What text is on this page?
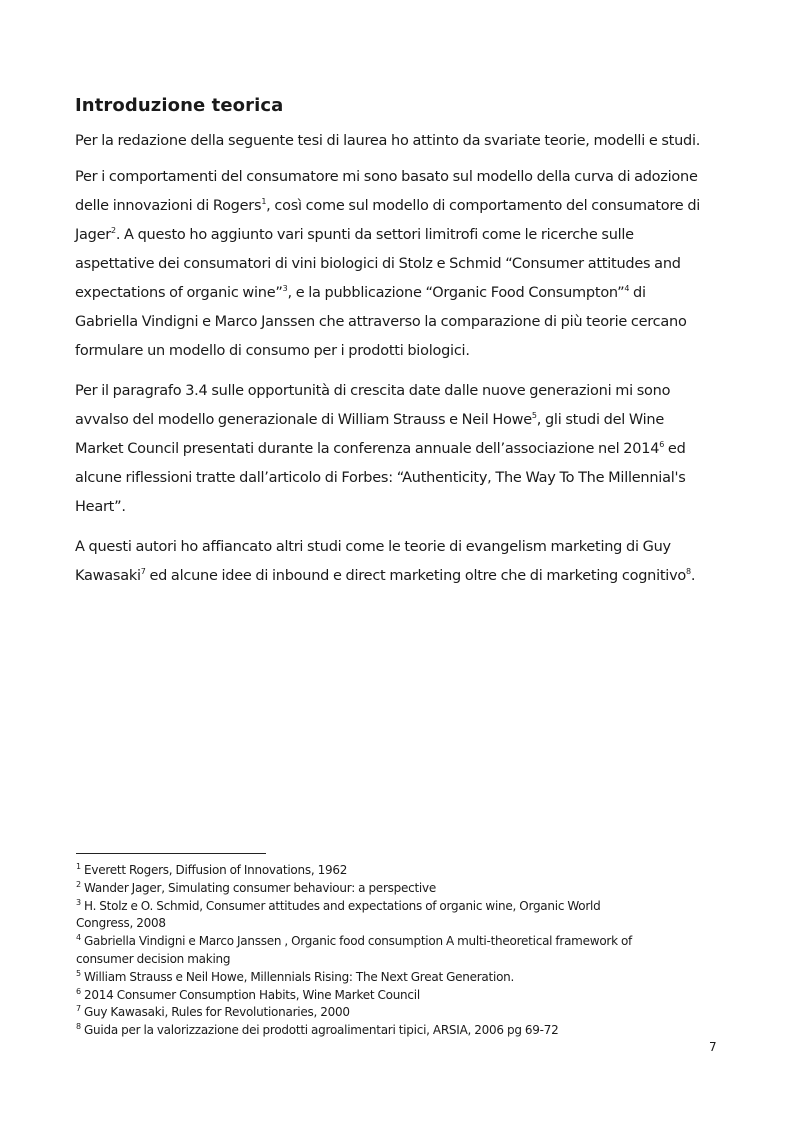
Introduzione teorica

Per la redazione della seguente tesi di laurea ho attinto da svariate teorie, modelli e studi.

Per i comportamenti del consumatore mi sono basato sul modello della curva di adozione
delle innovazioni di Rogers$^1$, così come sul modello di comportamento del consumatore di
Jager$^2$. A questo ho aggiunto vari spunti da settori limitrofi come le ricerche sulle
aspettative dei consumatori di vini biologici di Stolz e Schmid “Consumer attitudes and
expectations of organic wine”$^3$, e la pubblicazione “Organic Food Consumpton”$^4$ di
Gabriella Vindigni e Marco Janssen che attraverso la comparazione di più teorie cercano
formulare un modello di consumo per i prodotti biologici.

Per il paragrafo 3.4 sulle opportunità di crescita date dalle nuove generazioni mi sono
avvalso del modello generazionale di William Strauss e Neil Howe$^5$, gli studi del Wine
Market Council presentati durante la conferenza annuale dell’associazione nel 2014$^6$ ed
alcune riflessioni tratte dall’articolo di Forbes: “Authenticity, The Way To The Millennial's
Heart”.

A questi autori ho affiancato altri studi come le teorie di evangelism marketing di Guy
Kawasaki$^7$ ed alcune idee di inbound e direct marketing oltre che di marketing cognitivo$^8$.

$^1$ Everett Rogers, Diffusion of Innovations, 1962
$^2$ Wander Jager, Simulating consumer behaviour: a perspective
$^3$ H. Stolz e O. Schmid, Consumer attitudes and expectations of organic wine, Organic World
Congress, 2008
$^4$ Gabriella Vindigni e Marco Janssen , Organic food consumption A multi-theoretical framework of
consumer decision making
$^5$ William Strauss e Neil Howe, Millennials Rising: The Next Great Generation.
$^6$ 2014 Consumer Consumption Habits, Wine Market Council
$^7$ Guy Kawasaki, Rules for Revolutionaries, 2000
$^8$ Guida per la valorizzazione dei prodotti agroalimentari tipici, ARSIA, 2006 pg 69-72
7
